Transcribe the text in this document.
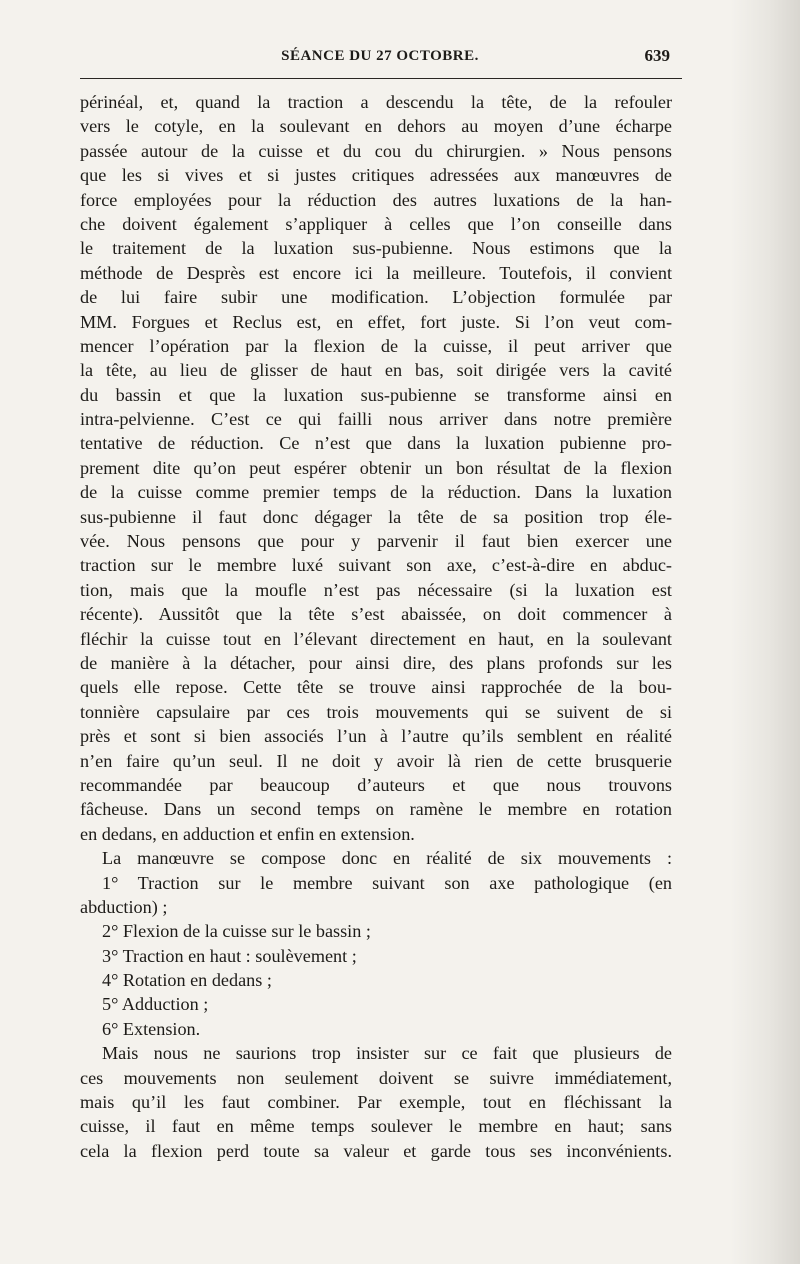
SÉANCE DU 27 OCTOBRE.	639
périnéal, et, quand la traction a descendu la tête, de la refouler
vers le cotyle, en la soulevant en dehors au moyen d’une écharpe
passée autour de la cuisse et du cou du chirurgien. » Nous pensons
que les si vives et si justes critiques adressées aux manœuvres de
force employées pour la réduction des autres luxations de la han-
che doivent également s’appliquer à celles que l’on conseille dans
le traitement de la luxation sus-pubienne. Nous estimons que la
méthode de Desprès est encore ici la meilleure. Toutefois, il convient
de lui faire subir une modification. L’objection formulée par
MM. Forgues et Reclus est, en effet, fort juste. Si l’on veut com-
mencer l’opération par la flexion de la cuisse, il peut arriver que
la tête, au lieu de glisser de haut en bas, soit dirigée vers la cavité
du bassin et que la luxation sus-pubienne se transforme ainsi en
intra-pelvienne. C’est ce qui failli nous arriver dans notre première
tentative de réduction. Ce n’est que dans la luxation pubienne pro-
prement dite qu’on peut espérer obtenir un bon résultat de la flexion
de la cuisse comme premier temps de la réduction. Dans la luxation
sus-pubienne il faut donc dégager la tête de sa position trop éle-
vée. Nous pensons que pour y parvenir il faut bien exercer une
traction sur le membre luxé suivant son axe, c’est-à-dire en abduc-
tion, mais que la moufle n’est pas nécessaire (si la luxation est
récente). Aussitôt que la tête s’est abaissée, on doit commencer à
fléchir la cuisse tout en l’élevant directement en haut, en la soulevant
de manière à la détacher, pour ainsi dire, des plans profonds sur les
quels elle repose. Cette tête se trouve ainsi rapprochée de la bou-
tonnière capsulaire par ces trois mouvements qui se suivent de si
près et sont si bien associés l’un à l’autre qu’ils semblent en réalité
n’en faire qu’un seul. Il ne doit y avoir là rien de cette brusquerie
recommandée par beaucoup d’auteurs et que nous trouvons
fâcheuse. Dans un second temps on ramène le membre en rotation
en dedans, en adduction et enfin en extension.
La manœuvre se compose donc en réalité de six mouvements :
1° Traction sur le membre suivant son axe pathologique (en
abduction) ;
2° Flexion de la cuisse sur le bassin ;
3° Traction en haut : soulèvement ;
4° Rotation en dedans ;
5° Adduction ;
6° Extension.
Mais nous ne saurions trop insister sur ce fait que plusieurs de
ces mouvements non seulement doivent se suivre immédiatement,
mais qu’il les faut combiner. Par exemple, tout en fléchissant la
cuisse, il faut en même temps soulever le membre en haut; sans
cela la flexion perd toute sa valeur et garde tous ses inconvénients.
